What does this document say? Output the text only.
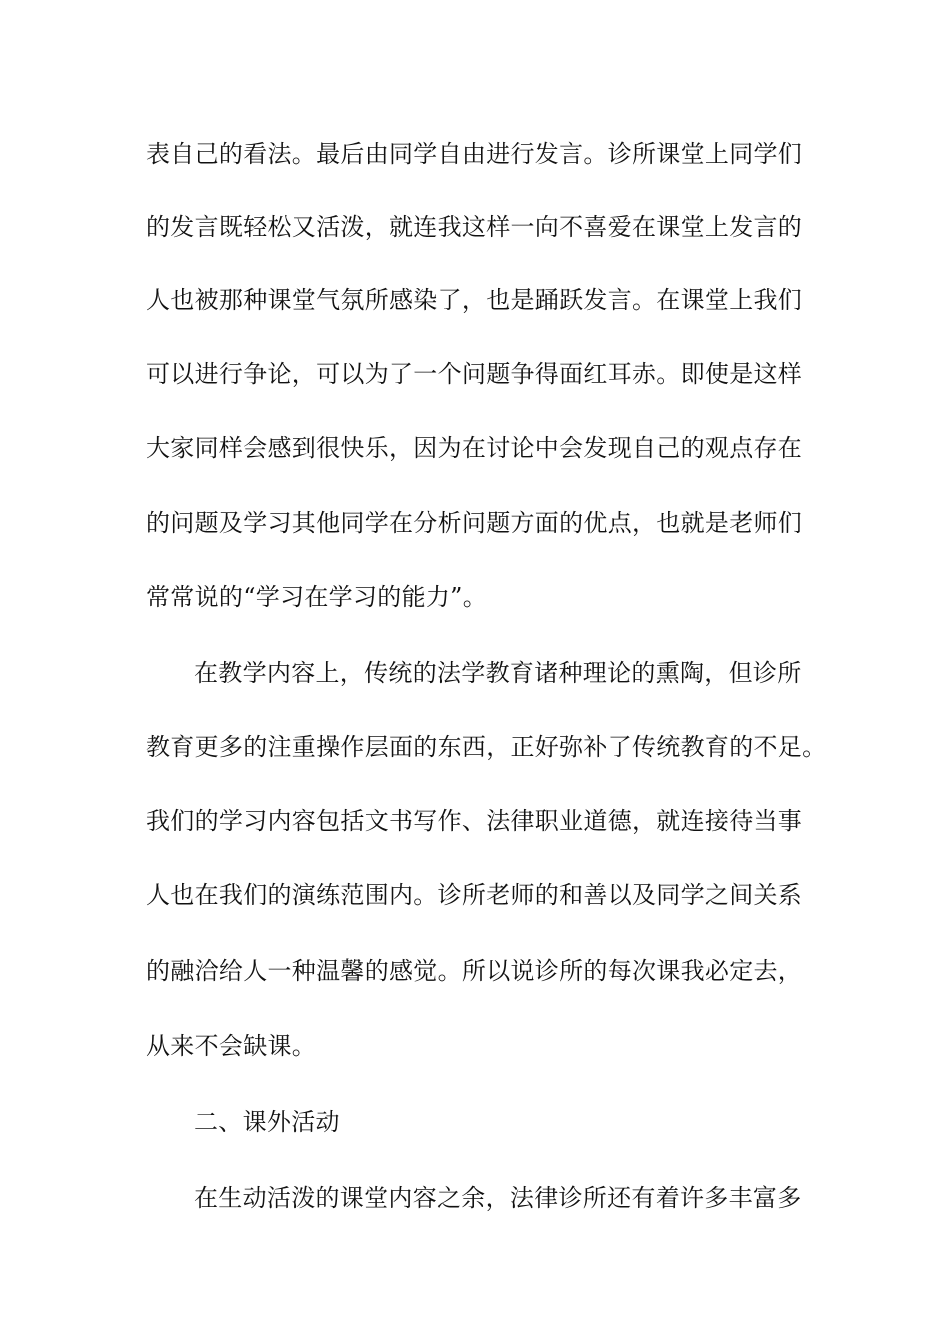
表自己的看法。最后由同学自由进行发言。诊所课堂上同学们
的发言既轻松又活泼，就连我这样一向不喜爱在课堂上发言的
人也被那种课堂气氛所感染了，也是踊跃发言。在课堂上我们
可以进行争论，可以为了一个问题争得面红耳赤。即使是这样
大家同样会感到很快乐，因为在讨论中会发现自己的观点存在
的问题及学习其他同学在分析问题方面的优点，也就是老师们
常常说的“学习在学习的能力”。
在教学内容上，传统的法学教育诸种理论的熏陶，但诊所
教育更多的注重操作层面的东西，正好弥补了传统教育的不足。
我们的学习内容包括文书写作、法律职业道德，就连接待当事
人也在我们的演练范围内。诊所老师的和善以及同学之间关系
的融洽给人一种温馨的感觉。所以说诊所的每次课我必定去，
从来不会缺课。
二、课外活动
在生动活泼的课堂内容之余，法律诊所还有着许多丰富多
